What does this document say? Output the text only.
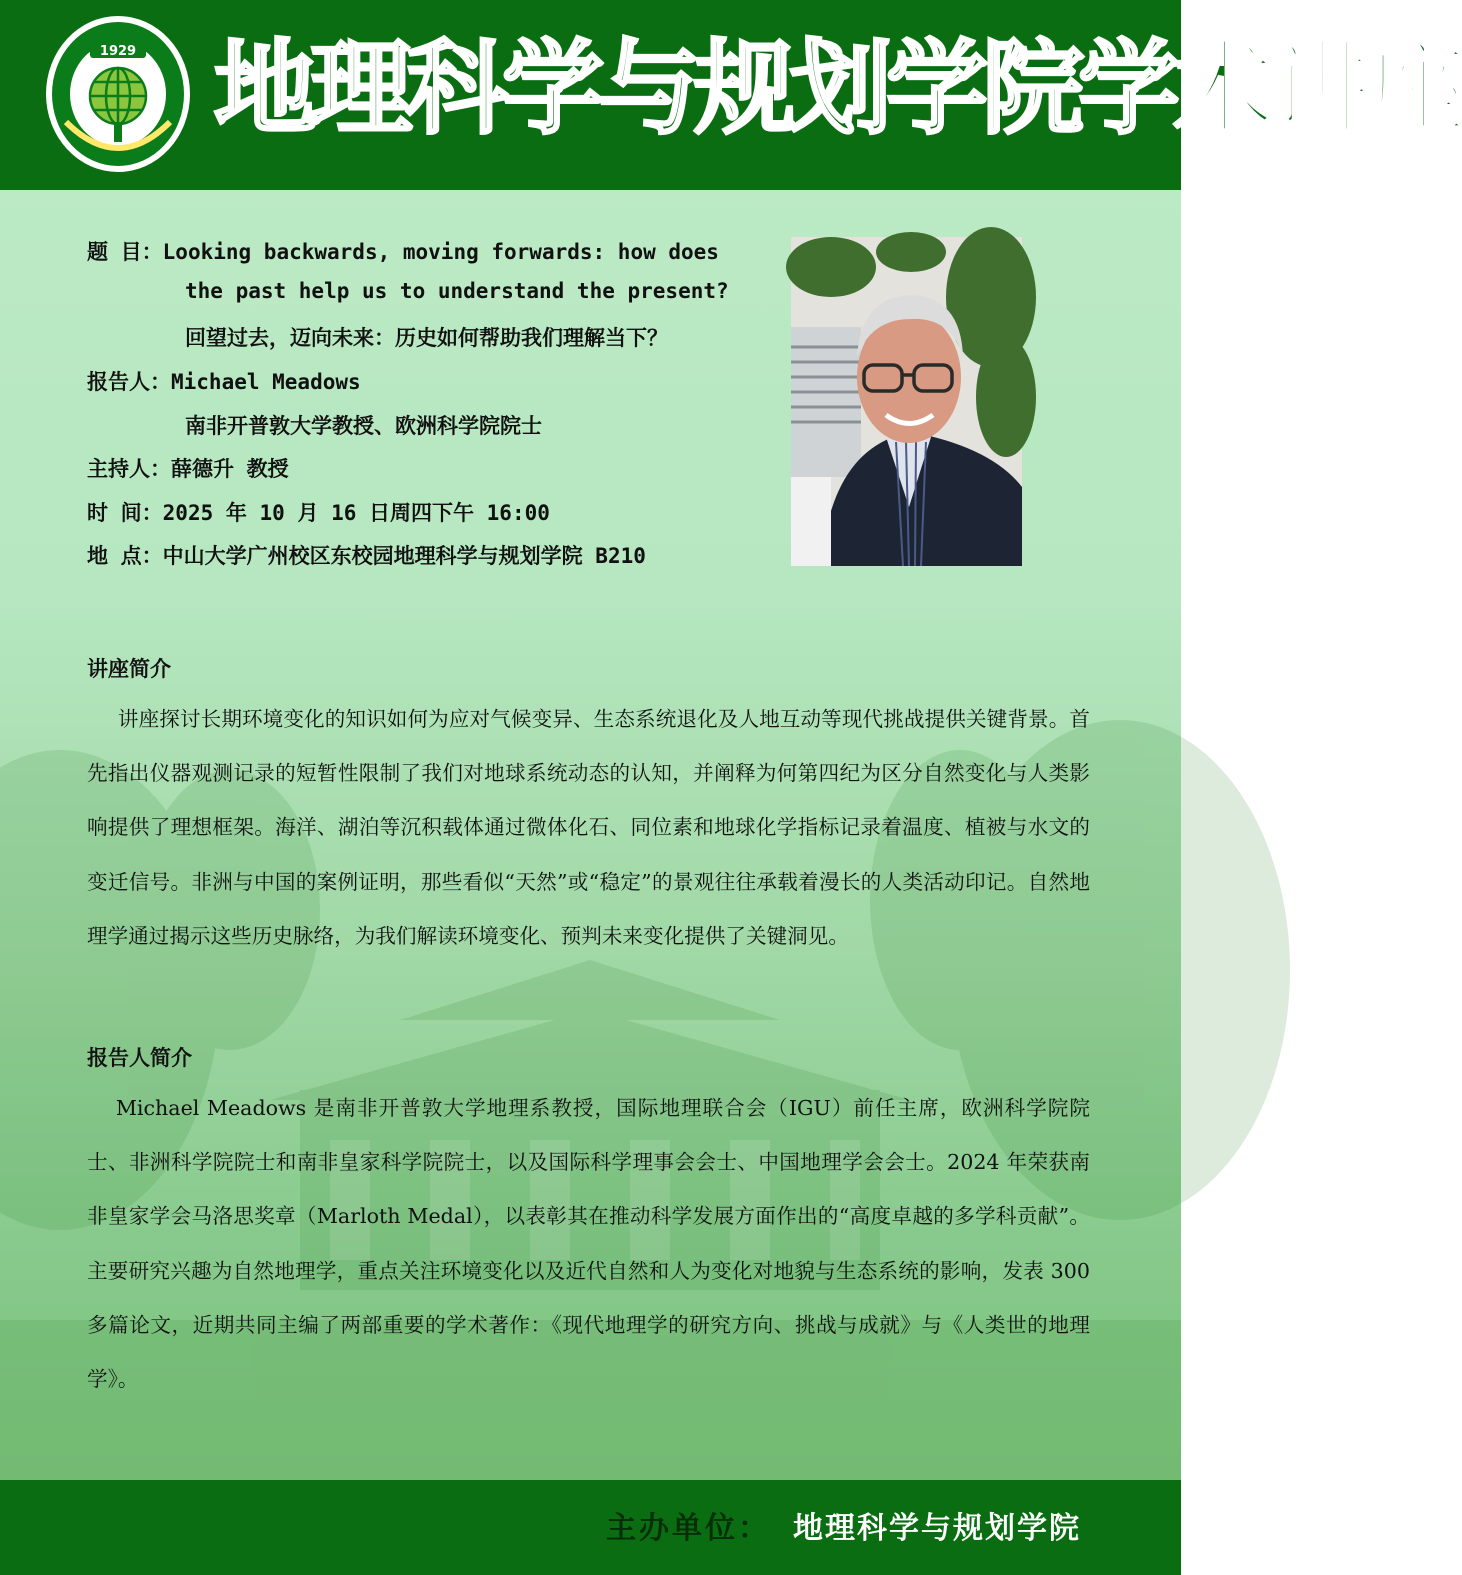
1929 地理科学与规划学院学术讲座
题 目：Looking backwards, moving forwards: how does
the past help us to understand the present?
回望过去，迈向未来：历史如何帮助我们理解当下？
报告人：Michael Meadows
南非开普敦大学教授、欧洲科学院院士
主持人：薛德升 教授
时 间：2025 年 10 月 16 日周四下午 16:00
地 点：中山大学广州校区东校园地理科学与规划学院 B210
讲座简介
讲座探讨长期环境变化的知识如何为应对气候变异、生态系统退化及人地互动等现代挑战提供关键背景。首先指出仪器观测记录的短暂性限制了我们对地球系统动态的认知，并阐释为何第四纪为区分自然变化与人类影响提供了理想框架。海洋、湖泊等沉积载体通过微体化石、同位素和地球化学指标记录着温度、植被与水文的变迁信号。非洲与中国的案例证明，那些看似“天然”或“稳定”的景观往往承载着漫长的人类活动印记。自然地理学通过揭示这些历史脉络，为我们解读环境变化、预判未来变化提供了关键洞见。
报告人简介
Michael Meadows 是南非开普敦大学地理系教授，国际地理联合会（IGU）前任主席，欧洲科学院院士、非洲科学院院士和南非皇家科学院院士，以及国际科学理事会会士、中国地理学会会士。2024 年荣获南非皇家学会马洛思奖章（Marloth Medal），以表彰其在推动科学发展方面作出的“高度卓越的多学科贡献”。主要研究兴趣为自然地理学，重点关注环境变化以及近代自然和人为变化对地貌与生态系统的影响，发表 300 多篇论文，近期共同主编了两部重要的学术著作：《现代地理学的研究方向、挑战与成就》与《人类世的地理学》。
主办单位： 地理科学与规划学院
